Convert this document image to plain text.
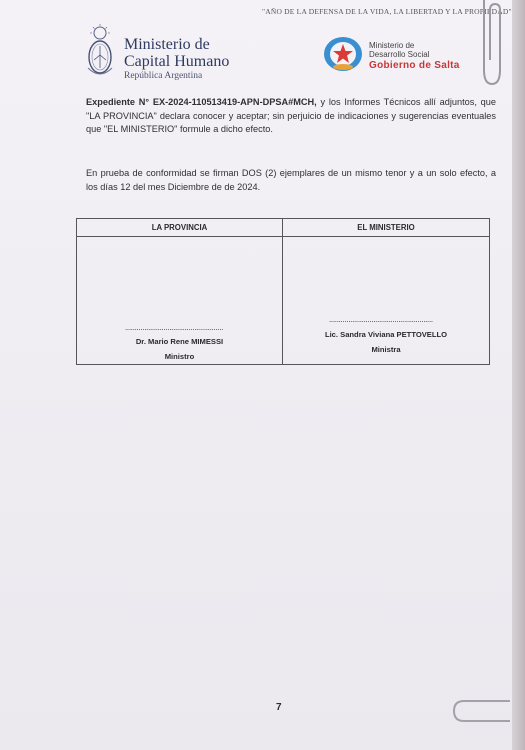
"AÑO DE LA DEFENSA DE LA VIDA, LA LIBERTAD Y LA PROPIEDAD"
Ministerio de
Capital Humano
República Argentina
Ministerio de
Desarrollo Social
Gobierno de Salta
Expediente N° EX-2024-110513419-APN-DPSA#MCH, y los Informes Técnicos allí adjuntos, que "LA PROVINCIA" declara conocer y aceptar; sin perjuicio de indicaciones y sugerencias eventuales que "EL MINISTERIO" formule a dicho efecto.
En prueba de conformidad se firman DOS (2) ejemplares de un mismo tenor y a un solo efecto, a los días 12 del mes Diciembre de de 2024.
LA PROVINCIA
...................................................
Dr. Mario Rene MIMESSI
Ministro
EL MINISTERIO
......................................................
Lic. Sandra Viviana PETTOVELLO
Ministra
7
